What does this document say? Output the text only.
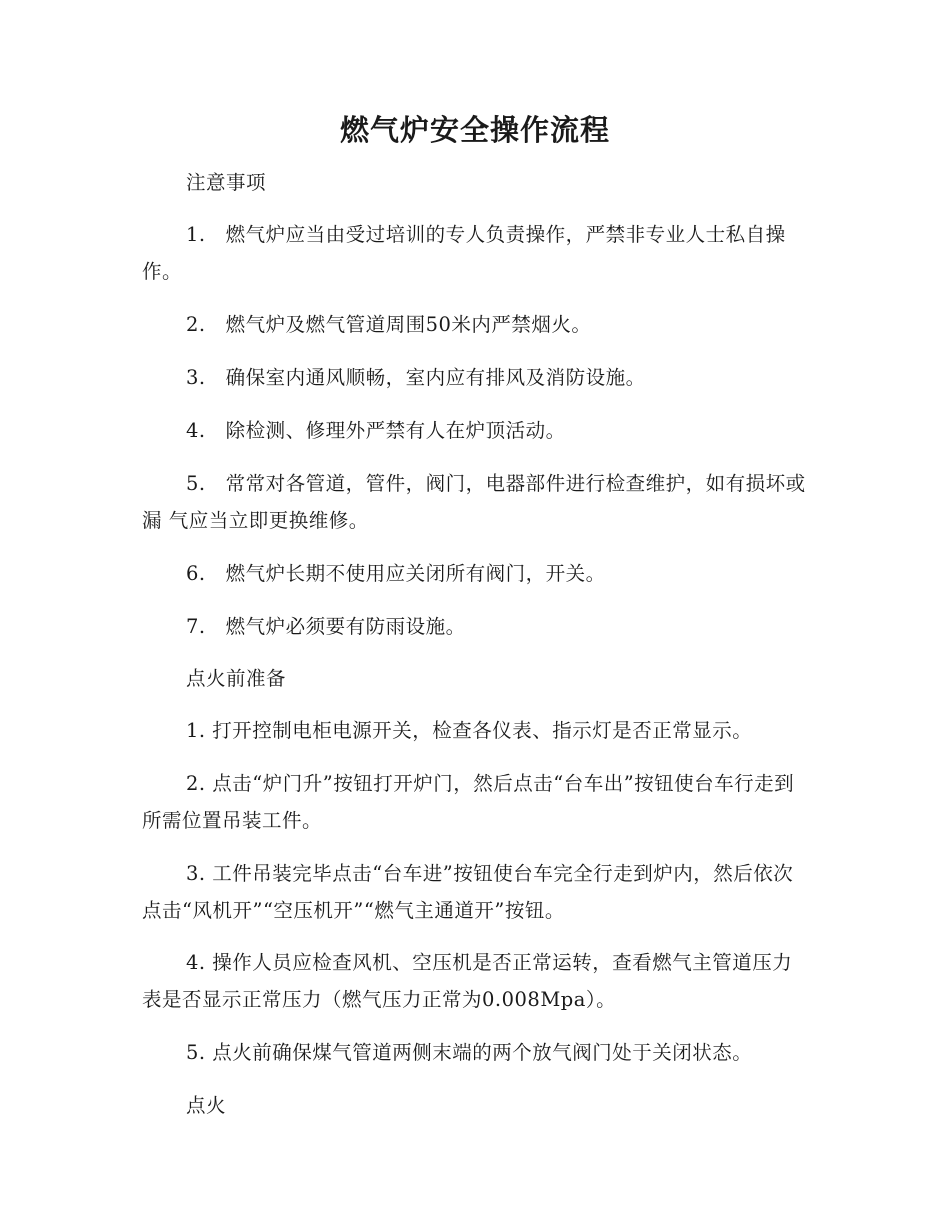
燃气炉安全操作流程

注意事项

1.　燃气炉应当由受过培训的专人负责操作，严禁非专业人士私自操作。

2.　燃气炉及燃气管道周围50米内严禁烟火。

3.　确保室内通风顺畅，室内应有排风及消防设施。

4.　除检测、修理外严禁有人在炉顶活动。

5.　常常对各管道，管件，阀门，电器部件进行检查维护，如有损坏或漏 气应当立即更换维修。

6.　燃气炉长期不使用应关闭所有阀门，开关。

7.　燃气炉必须要有防雨设施。

点火前准备

1. 打开控制电柜电源开关，检查各仪表、指示灯是否正常显示。

2. 点击“炉门升”按钮打开炉门，然后点击“台车出”按钮使台车行走到所需位置吊装工件。

3. 工件吊装完毕点击“台车进”按钮使台车完全行走到炉内，然后依次点击“风机开”“空压机开”“燃气主通道开”按钮。

4. 操作人员应检查风机、空压机是否正常运转，查看燃气主管道压力表是否显示正常压力（燃气压力正常为0.008Mpa）。

5. 点火前确保煤气管道两侧末端的两个放气阀门处于关闭状态。

点火
